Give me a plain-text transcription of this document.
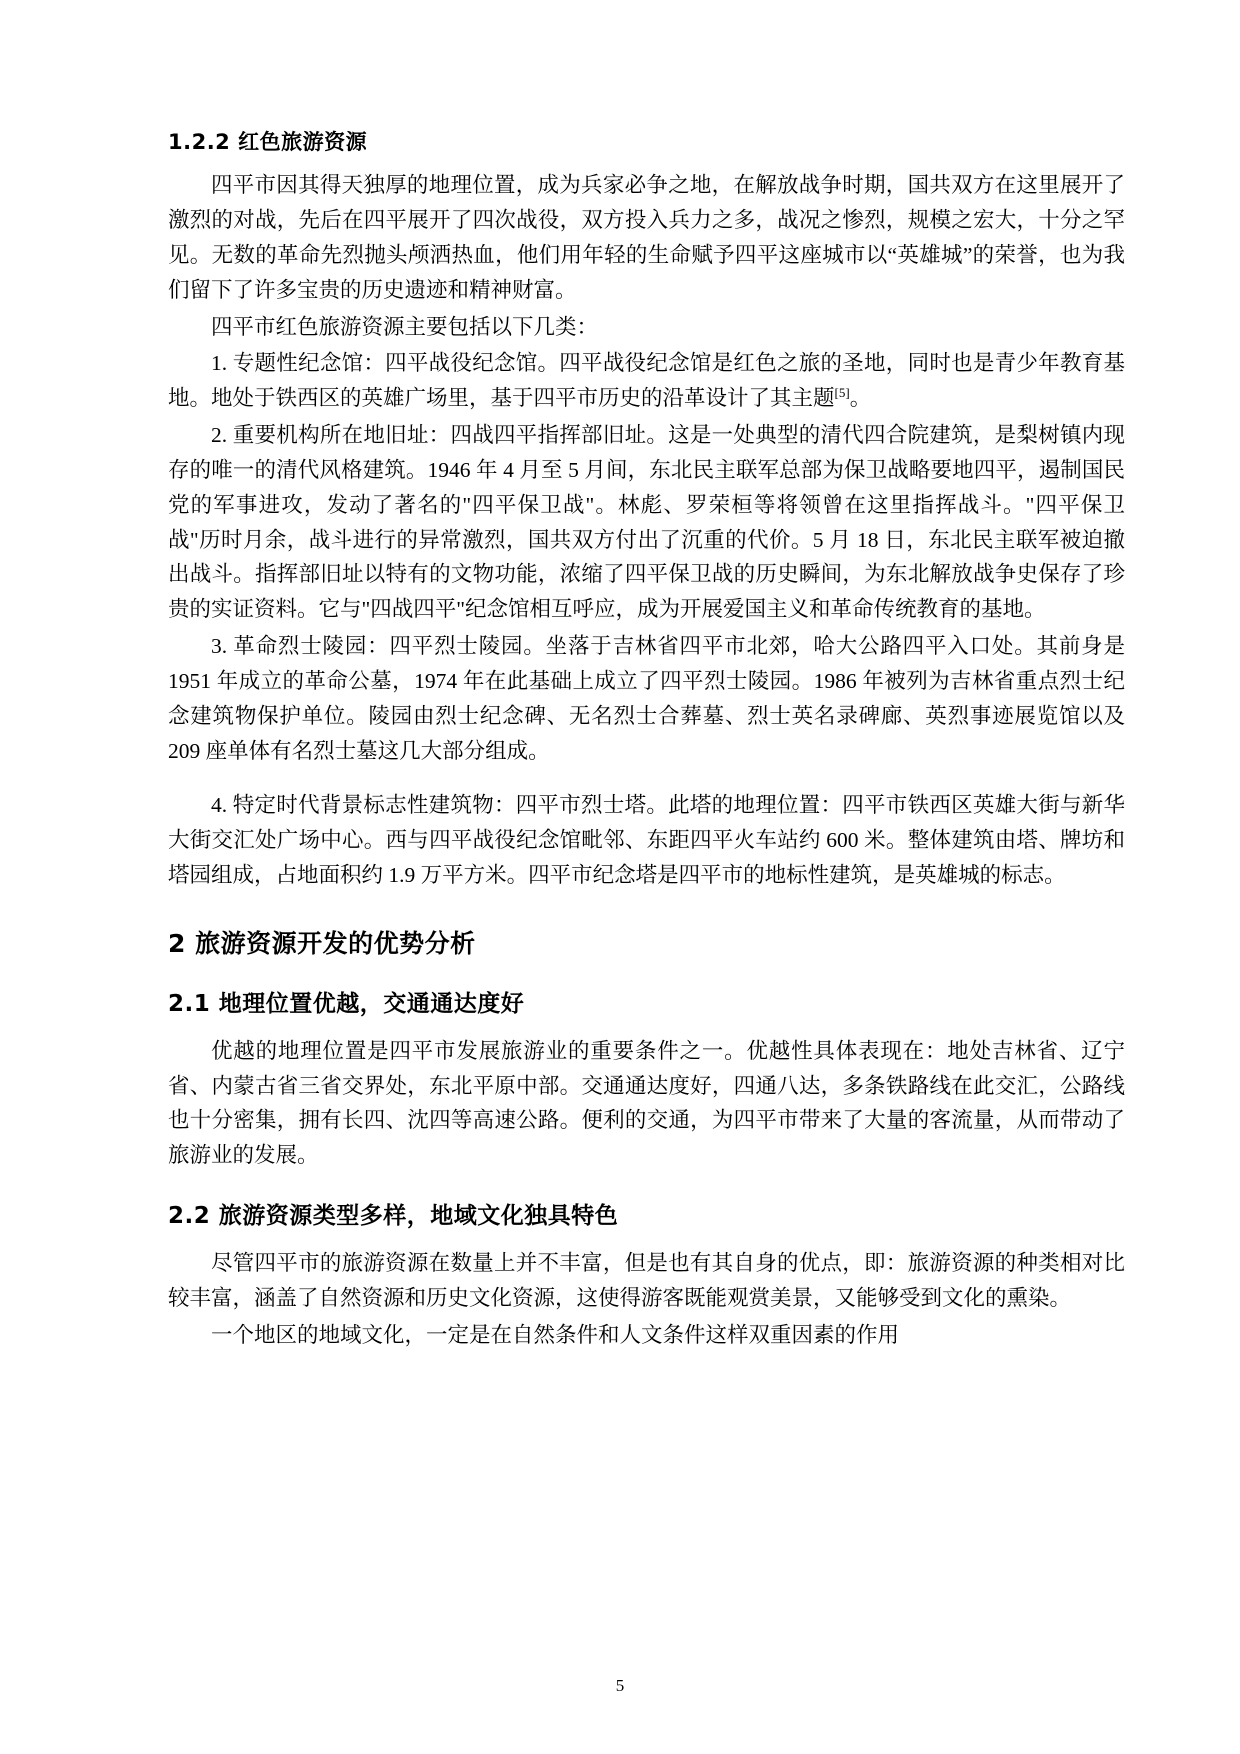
1.2.2 红色旅游资源

四平市因其得天独厚的地理位置，成为兵家必争之地，在解放战争时期，国共双方在这里展开了激烈的对战，先后在四平展开了四次战役，双方投入兵力之多，战况之惨烈，规模之宏大，十分之罕见。无数的革命先烈抛头颅洒热血，他们用年轻的生命赋予四平这座城市以“英雄城”的荣誉，也为我们留下了许多宝贵的历史遗迹和精神财富。

四平市红色旅游资源主要包括以下几类：

1. 专题性纪念馆：四平战役纪念馆。四平战役纪念馆是红色之旅的圣地，同时也是青少年教育基地。地处于铁西区的英雄广场里，基于四平市历史的沿革设计了其主题[5]。

2. 重要机构所在地旧址：四战四平指挥部旧址。这是一处典型的清代四合院建筑，是梨树镇内现存的唯一的清代风格建筑。1946 年 4 月至 5 月间，东北民主联军总部为保卫战略要地四平，遏制国民党的军事进攻，发动了著名的"四平保卫战"。林彪、罗荣桓等将领曾在这里指挥战斗。"四平保卫战"历时月余，战斗进行的异常激烈，国共双方付出了沉重的代价。5 月 18 日，东北民主联军被迫撤出战斗。指挥部旧址以特有的文物功能，浓缩了四平保卫战的历史瞬间，为东北解放战争史保存了珍贵的实证资料。它与"四战四平"纪念馆相互呼应，成为开展爱国主义和革命传统教育的基地。

3. 革命烈士陵园：四平烈士陵园。坐落于吉林省四平市北郊，哈大公路四平入口处。其前身是 1951 年成立的革命公墓，1974 年在此基础上成立了四平烈士陵园。1986 年被列为吉林省重点烈士纪念建筑物保护单位。陵园由烈士纪念碑、无名烈士合葬墓、烈士英名录碑廊、英烈事迹展览馆以及 209 座单体有名烈士墓这几大部分组成。

4. 特定时代背景标志性建筑物：四平市烈士塔。此塔的地理位置：四平市铁西区英雄大街与新华大街交汇处广场中心。西与四平战役纪念馆毗邻、东距四平火车站约 600 米。整体建筑由塔、牌坊和塔园组成，占地面积约 1.9 万平方米。四平市纪念塔是四平市的地标性建筑，是英雄城的标志。

2 旅游资源开发的优势分析
2.1 地理位置优越，交通通达度好

优越的地理位置是四平市发展旅游业的重要条件之一。优越性具体表现在：地处吉林省、辽宁省、内蒙古省三省交界处，东北平原中部。交通通达度好，四通八达，多条铁路线在此交汇，公路线也十分密集，拥有长四、沈四等高速公路。便利的交通，为四平市带来了大量的客流量，从而带动了旅游业的发展。

2.2 旅游资源类型多样，地域文化独具特色

尽管四平市的旅游资源在数量上并不丰富，但是也有其自身的优点，即：旅游资源的种类相对比较丰富，涵盖了自然资源和历史文化资源，这使得游客既能观赏美景，又能够受到文化的熏染。

一个地区的地域文化，一定是在自然条件和人文条件这样双重因素的作用

5
